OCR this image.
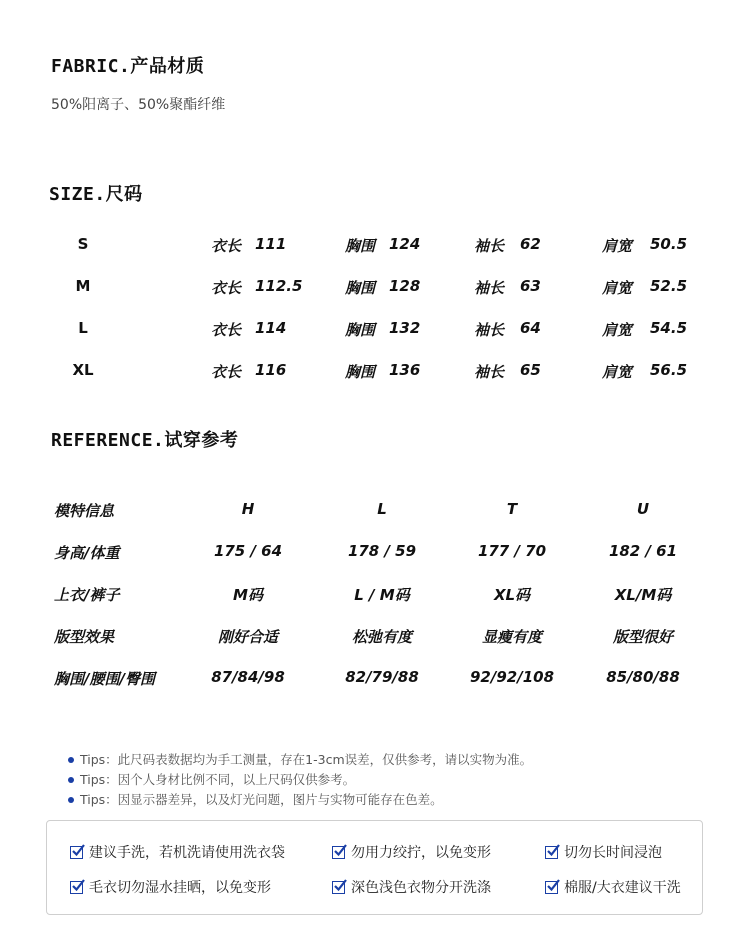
FABRIC.产品材质
50%阳离子、50%聚酯纤维
SIZE.尺码
S	衣长 111	胸围 124	袖长 62	肩宽 50.5
M	衣长 112.5	胸围 128	袖长 63	肩宽 52.5
L	衣长 114	胸围 132	袖长 64	肩宽 54.5
XL	衣长 116	胸围 136	袖长 65	肩宽 56.5
REFERENCE.试穿参考
模特信息	H	L	T	U
身高/体重	175 / 64	178 / 59	177 / 70	182 / 61
上衣/裤子	M码	L / M码	XL码	XL/M码
版型效果	刚好合适	松弛有度	显瘦有度	版型很好
胸围/腰围/臀围	87/84/98	82/79/88	92/92/108	85/80/88
Tips：此尺码表数据均为手工测量，存在1-3cm误差，仅供参考，请以实物为准。
Tips：因个人身材比例不同，以上尺码仅供参考。
Tips：因显示器差异，以及灯光问题，图片与实物可能存在色差。
建议手洗，若机洗请使用洗衣袋	勿用力绞拧，以免变形	切勿长时间浸泡
毛衣切勿湿水挂晒，以免变形	深色浅色衣物分开洗涤	棉服/大衣建议干洗
